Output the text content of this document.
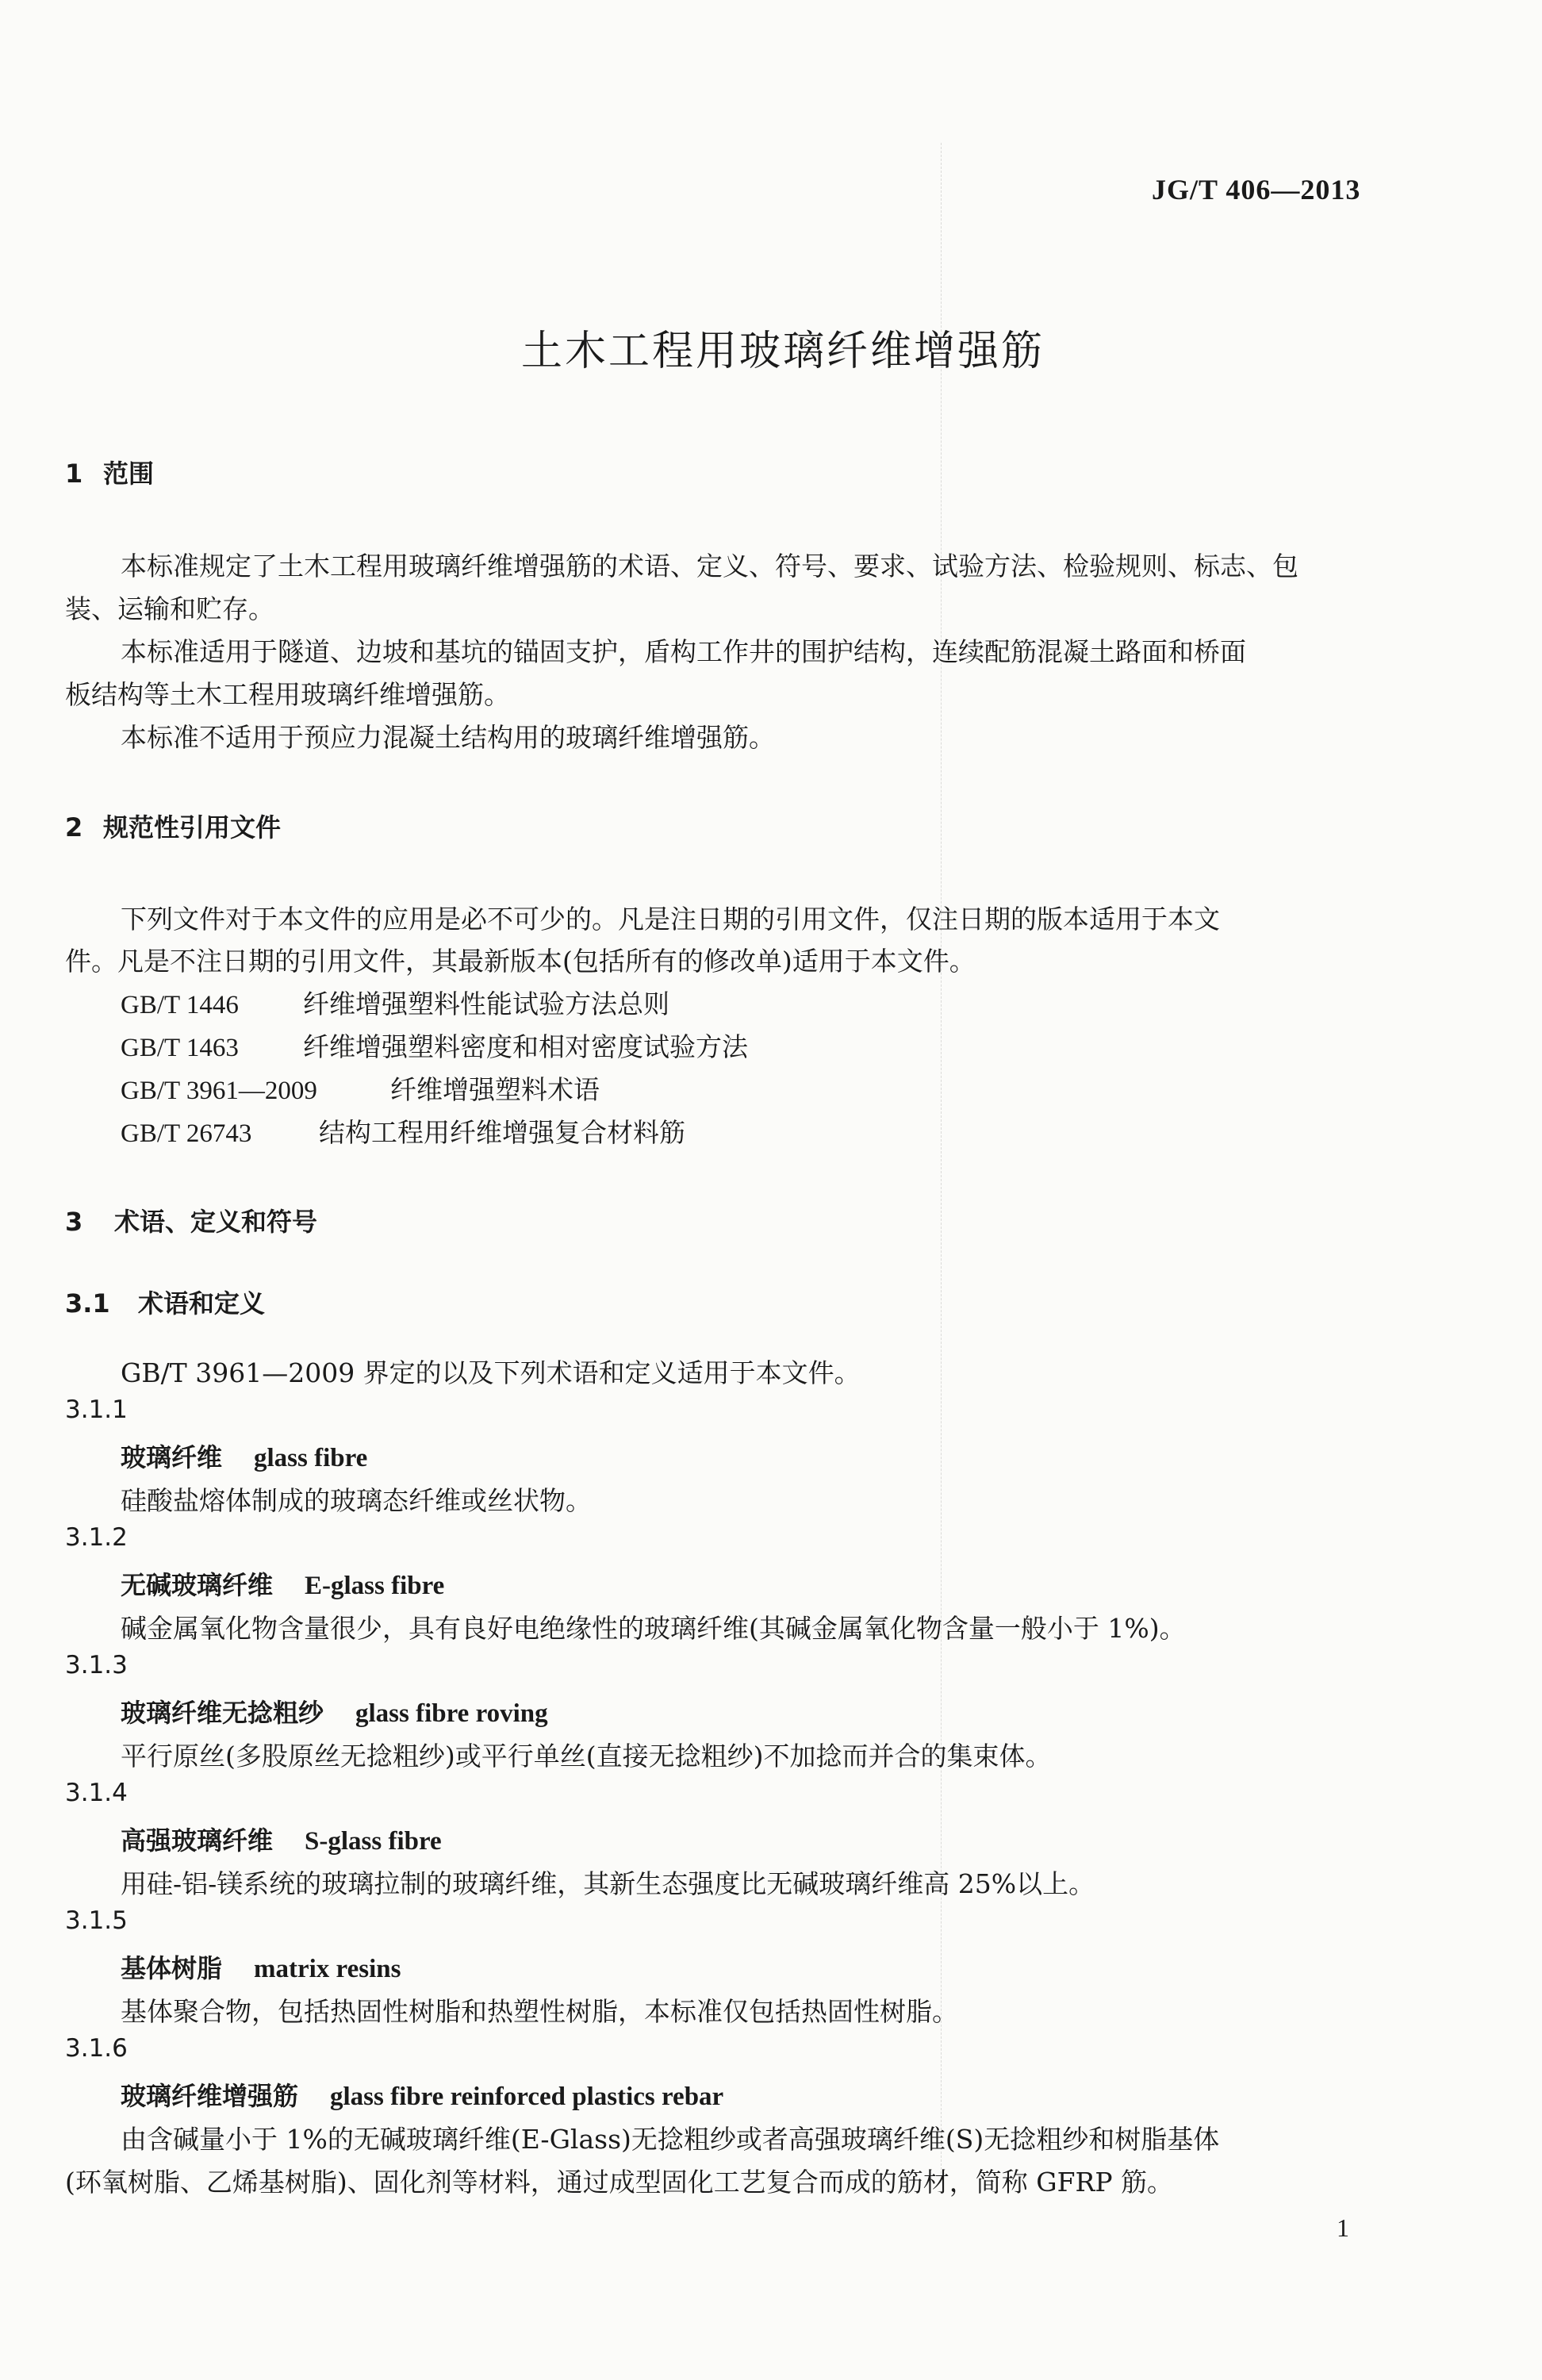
JG/T 406—2013
土木工程用玻璃纤维增强筋
1 范围
本标准规定了土木工程用玻璃纤维增强筋的术语、定义、符号、要求、试验方法、检验规则、标志、包
装、运输和贮存。
本标准适用于隧道、边坡和基坑的锚固支护，盾构工作井的围护结构，连续配筋混凝土路面和桥面
板结构等土木工程用玻璃纤维增强筋。
本标准不适用于预应力混凝土结构用的玻璃纤维增强筋。
2 规范性引用文件
下列文件对于本文件的应用是必不可少的。凡是注日期的引用文件，仅注日期的版本适用于本文
件。凡是不注日期的引用文件，其最新版本(包括所有的修改单)适用于本文件。
GB/T 1446 纤维增强塑料性能试验方法总则
GB/T 1463 纤维增强塑料密度和相对密度试验方法
GB/T 3961—2009	纤维增强塑料术语
GB/T 26743	结构工程用纤维增强复合材料筋
3 术语、定义和符号
3.1 术语和定义
GB/T 3961—2009 界定的以及下列术语和定义适用于本文件。
3.1.1
玻璃纤维 glass fibre
硅酸盐熔体制成的玻璃态纤维或丝状物。
3.1.2
无碱玻璃纤维 E-glass fibre
碱金属氧化物含量很少，具有良好电绝缘性的玻璃纤维(其碱金属氧化物含量一般小于 1%)。
3.1.3
玻璃纤维无捻粗纱 glass fibre roving
平行原丝(多股原丝无捻粗纱)或平行单丝(直接无捻粗纱)不加捻而并合的集束体。
3.1.4
高强玻璃纤维 S-glass fibre
用硅-铝-镁系统的玻璃拉制的玻璃纤维，其新生态强度比无碱玻璃纤维高 25%以上。
3.1.5
基体树脂 matrix resins
基体聚合物，包括热固性树脂和热塑性树脂，本标准仅包括热固性树脂。
3.1.6
玻璃纤维增强筋 glass fibre reinforced plastics rebar
由含碱量小于 1%的无碱玻璃纤维(E-Glass)无捻粗纱或者高强玻璃纤维(S)无捻粗纱和树脂基体
(环氧树脂、乙烯基树脂)、固化剂等材料，通过成型固化工艺复合而成的筋材，简称 GFRP 筋。
1
